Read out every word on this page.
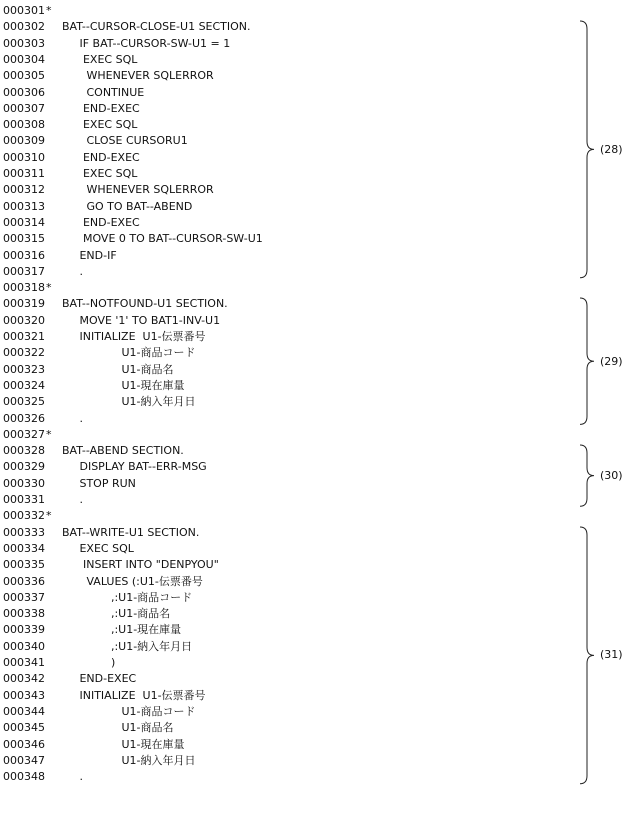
000301 *
000302	BAT--CURSOR-CLOSE-U1 SECTION.
000303	IF BAT--CURSOR-SW-U1 = 1
000304	EXEC SQL
000305	WHENEVER SQLERROR
000306	CONTINUE
000307	END-EXEC
000308	EXEC SQL
000309	CLOSE CURSORU1
000310	END-EXEC
000311	EXEC SQL
000312	WHENEVER SQLERROR
000313	GO TO BAT--ABEND
000314	END-EXEC
000315	MOVE 0 TO BAT--CURSOR-SW-U1
000316	END-IF
000317	.
000318 *
000319	BAT--NOTFOUND-U1 SECTION.
000320	MOVE '1' TO BAT1-INV-U1
000321	INITIALIZE  U1-伝票番号
000322	U1-商品コード
000323	U1-商品名
000324	U1-現在庫量
000325	U1-納入年月日
000326	.
000327 *
000328	BAT--ABEND SECTION.
000329	DISPLAY BAT--ERR-MSG
000330	STOP RUN
000331	.
000332 *
000333	BAT--WRITE-U1 SECTION.
000334	EXEC SQL
000335	INSERT INTO "DENPYOU"
000336	VALUES (:U1-伝票番号
000337	,:U1-商品コード
000338	,:U1-商品名
000339	,:U1-現在庫量
000340	,:U1-納入年月日
000341	)
000342	END-EXEC
000343	INITIALIZE  U1-伝票番号
000344	U1-商品コード
000345	U1-商品名
000346	U1-現在庫量
000347	U1-納入年月日
000348	.
(28)
(29)
(30)
(31)
